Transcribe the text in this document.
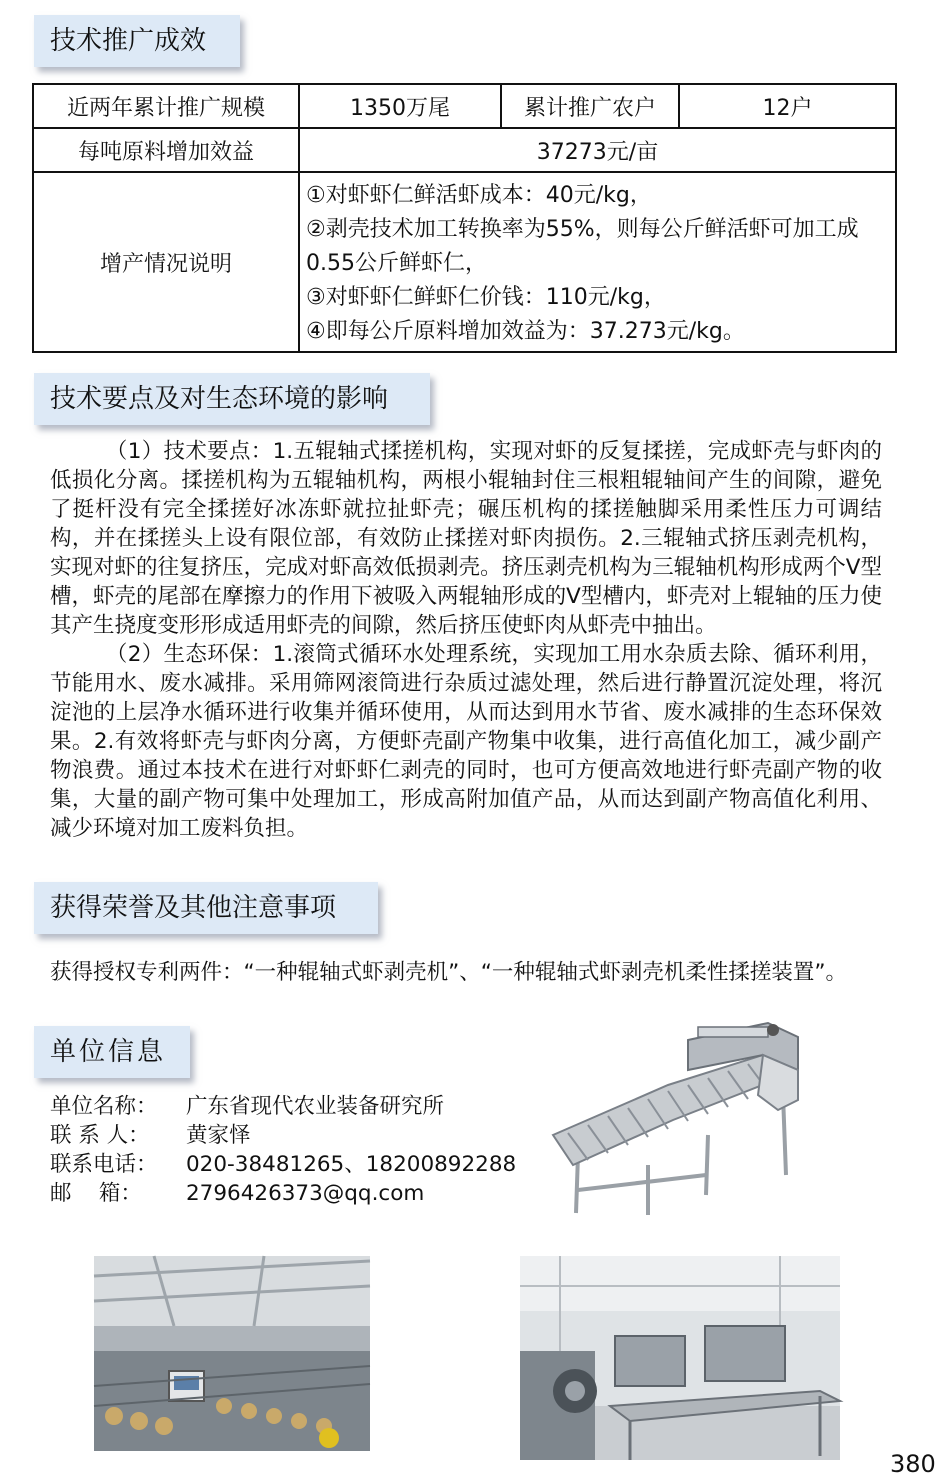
技术推广成效
近两年累计推广规模	1350万尾	累计推广农户	12户
每吨原料增加效益	37273元/亩		
增产情况说明	①对虾虾仁鲜活虾成本：40元/kg，
②剥壳技术加工转换率为55%，则每公斤鲜活虾可加工成0.55公斤鲜虾仁，
③对虾虾仁鲜虾仁价钱：110元/kg，
④即每公斤原料增加效益为：37.273元/kg。		
技术要点及对生态环境的影响

（1）技术要点：1.五辊轴式揉搓机构，实现对虾的反复揉搓，完成虾壳与虾肉的低损化分离。揉搓机构为五辊轴机构，两根小辊轴封住三根粗辊轴间产生的间隙，避免了挺杆没有完全揉搓好冰冻虾就拉扯虾壳；碾压机构的揉搓触脚采用柔性压力可调结构，并在揉搓头上设有限位部，有效防止揉搓对虾肉损伤。2.三辊轴式挤压剥壳机构，实现对虾的往复挤压，完成对虾高效低损剥壳。挤压剥壳机构为三辊轴机构形成两个V型槽，虾壳的尾部在摩擦力的作用下被吸入两辊轴形成的V型槽内，虾壳对上辊轴的压力使其产生挠度变形形成适用虾壳的间隙，然后挤压使虾肉从虾壳中抽出。

（2）生态环保：1.滚筒式循环水处理系统，实现加工用水杂质去除、循环利用，节能用水、废水减排。采用筛网滚筒进行杂质过滤处理，然后进行静置沉淀处理，将沉淀池的上层净水循环进行收集并循环使用，从而达到用水节省、废水减排的生态环保效果。2.有效将虾壳与虾肉分离，方便虾壳副产物集中收集，进行高值化加工，减少副产物浪费。通过本技术在进行对虾虾仁剥壳的同时，也可方便高效地进行虾壳副产物的收集，大量的副产物可集中处理加工，形成高附加值产品，从而达到副产物高值化利用、减少环境对加工废料负担。

获得荣誉及其他注意事项

获得授权专利两件：“一种辊轴式虾剥壳机”、“一种辊轴式虾剥壳机柔性揉搓装置”。

单位信息
单位名称： 广东省现代农业装备研究所
联 系 人： 黄家怿
联系电话： 020-38481265、18200892288
邮    箱： 2796426373@qq.com
380
